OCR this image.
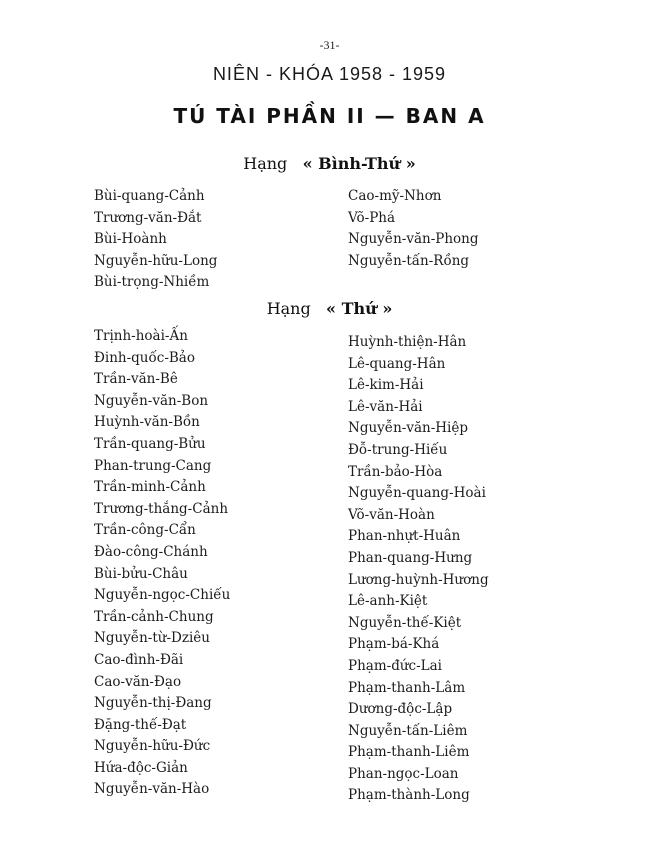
-31-
NIÊN - KHÓA 1958 - 1959
TÚ TÀI PHẦN II — BAN A
Hạng « Bình-Thứ »
Bùi-quang-Cảnh
Trương-văn-Đắt
Bùi-Hoành
Nguyễn-hữu-Long
Bùi-trọng-Nhiềm
Cao-mỹ-Nhơn
Võ-Phá
Nguyễn-văn-Phong
Nguyễn-tấn-Rồng
Hạng « Thứ »
Trịnh-hoài-Ấn
Đinh-quốc-Bảo
Trần-văn-Bê
Nguyễn-văn-Bon
Huỳnh-văn-Bồn
Trần-quang-Bửu
Phan-trung-Cang
Trần-minh-Cảnh
Trương-thắng-Cảnh
Trần-công-Cẩn
Đào-công-Chánh
Bùi-bửu-Châu
Nguyễn-ngọc-Chiếu
Trần-cảnh-Chung
Nguyễn-từ-Dziêu
Cao-đình-Đãi
Cao-văn-Đạo
Nguyễn-thị-Đang
Đặng-thế-Đạt
Nguyễn-hữu-Đức
Hứa-độc-Giản
Nguyễn-văn-Hào
Huỳnh-thiện-Hân
Lê-quang-Hân
Lê-kim-Hải
Lê-văn-Hải
Nguyễn-văn-Hiệp
Đỗ-trung-Hiếu
Trần-bảo-Hòa
Nguyễn-quang-Hoài
Võ-văn-Hoàn
Phan-nhựt-Huân
Phan-quang-Hưng
Lương-huỳnh-Hương
Lê-anh-Kiệt
Nguyễn-thế-Kiệt
Phạm-bá-Khá
Phạm-đức-Lai
Phạm-thanh-Lâm
Dương-độc-Lập
Nguyễn-tấn-Liêm
Phạm-thanh-Liêm
Phan-ngọc-Loan
Phạm-thành-Long
